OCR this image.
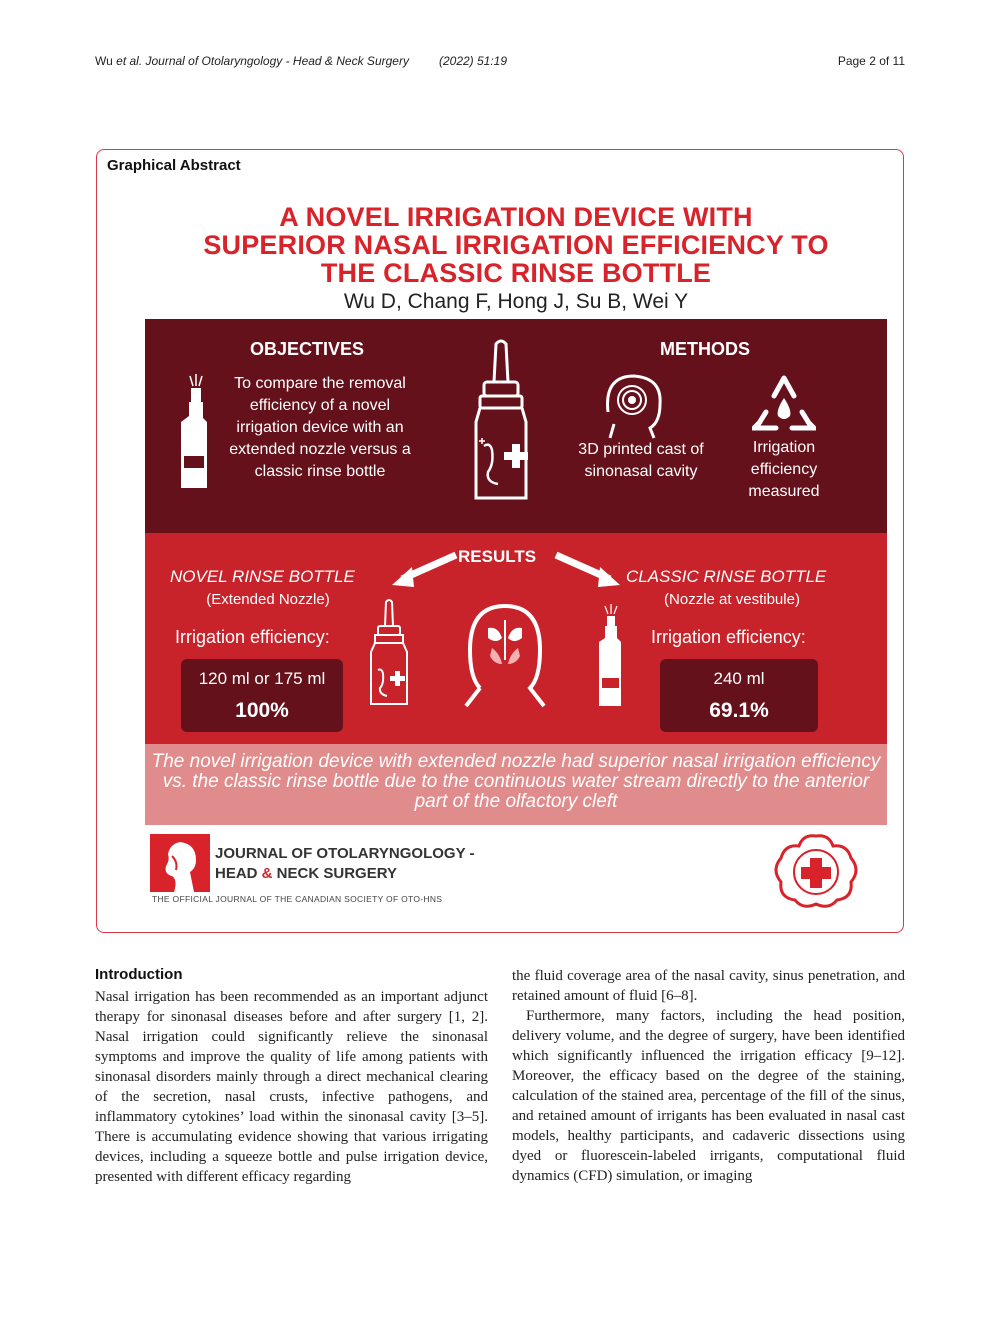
Wu et al. Journal of Otolaryngology - Head & Neck Surgery	(2022) 51:19	Page 2 of 11
Graphical Abstract
A NOVEL IRRIGATION DEVICE WITH
SUPERIOR NASAL IRRIGATION EFFICIENCY TO
THE CLASSIC RINSE BOTTLE
Wu D, Chang F, Hong J, Su B, Wei Y
OBJECTIVES	METHODS
To compare the removal efficiency of a novel irrigation device with an extended nozzle versus a classic rinse bottle
3D printed cast of sinonasal cavity
Irrigation efficiency measured
RESULTS
NOVEL RINSE BOTTLE
(Extended Nozzle)
CLASSIC RINSE BOTTLE
(Nozzle at vestibule)
Irrigation efficiency:	Irrigation efficiency:
120 ml or 175 ml
100%
240 ml
69.1%
The novel irrigation device with extended nozzle had superior nasal irrigation efficiency vs. the classic rinse bottle due to the continuous water stream directly to the anterior part of the olfactory cleft
JOURNAL OF OTOLARYNGOLOGY -
HEAD & NECK SURGERY
THE OFFICIAL JOURNAL OF THE CANADIAN SOCIETY OF OTO-HNS
Introduction

Nasal irrigation has been recommended as an important adjunct therapy for sinonasal diseases before and after surgery [1, 2]. Nasal irrigation could significantly relieve the sinonasal symptoms and improve the quality of life among patients with sinonasal disorders mainly through a direct mechanical clearing of the secretion, nasal crusts, infective pathogens, and inflammatory cytokines’ load within the sinonasal cavity [3–5]. There is accumulating evidence showing that various irrigating devices, including a squeeze bottle and pulse irrigation device, presented with different efficacy regarding

the fluid coverage area of the nasal cavity, sinus penetration, and retained amount of fluid [6–8].

Furthermore, many factors, including the head position, delivery volume, and the degree of surgery, have been identified which significantly influenced the irrigation efficacy [9–12]. Moreover, the efficacy based on the degree of the staining, calculation of the stained area, percentage of the fill of the sinus, and retained amount of irrigants has been evaluated in nasal cast models, healthy participants, and cadaveric dissections using dyed or fluorescein-labeled irrigants, computational fluid dynamics (CFD) simulation, or imaging
